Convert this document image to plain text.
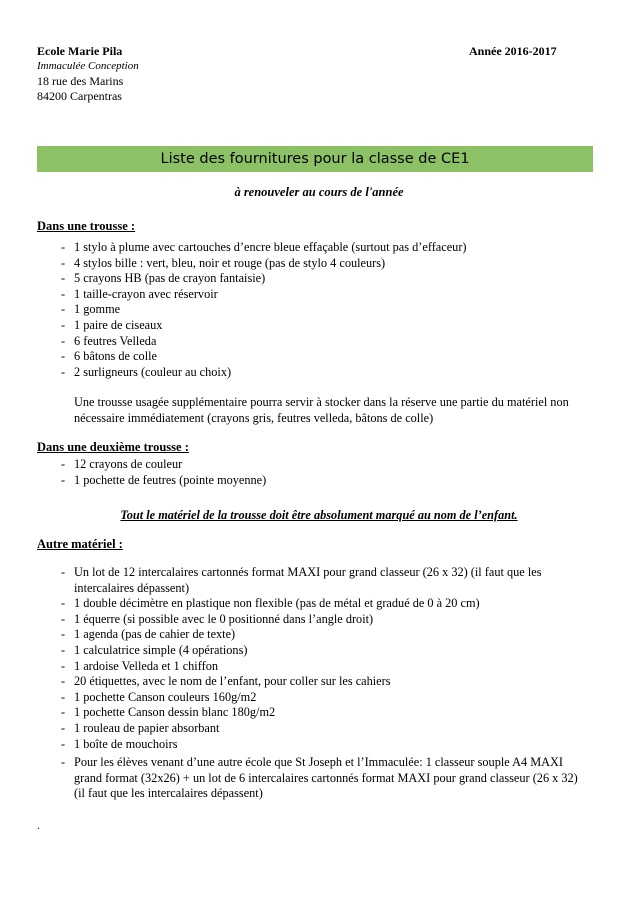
Ecole Marie Pila
Immaculée Conception
18 rue des Marins
84200 Carpentras
Année 2016-2017
Liste des fournitures pour la classe de CE1
à renouveler au cours de l'année
Dans une trousse :
- 1 stylo à plume avec cartouches d’encre bleue effaçable (surtout pas d’effaceur)
- 4 stylos bille : vert, bleu, noir et rouge (pas de stylo 4 couleurs)
- 5 crayons HB (pas de crayon fantaisie)
- 1 taille-crayon avec réservoir
- 1 gomme
- 1 paire de ciseaux
- 6 feutres Velleda
- 6 bâtons de colle
- 2 surligneurs (couleur au choix)
Une trousse usagée supplémentaire pourra servir à stocker dans la réserve une partie du matériel non nécessaire immédiatement (crayons gris, feutres velleda, bâtons de colle)
Dans une deuxième trousse :
- 12 crayons de couleur
- 1 pochette de feutres (pointe moyenne)
Tout le matériel de la trousse doit être absolument marqué au nom de l’enfant.
Autre matériel :
- Un lot de 12 intercalaires cartonnés format MAXI pour grand classeur (26 x 32) (il faut que les intercalaires dépassent)
- 1 double décimètre en plastique non flexible (pas de métal et gradué de 0 à 20 cm)
- 1 équerre (si possible avec le 0 positionné dans l’angle droit)
- 1 agenda (pas de cahier de texte)
- 1 calculatrice simple (4 opérations)
- 1 ardoise Velleda et 1 chiffon
- 20 étiquettes, avec le nom de l’enfant, pour coller sur les cahiers
- 1 pochette Canson couleurs 160g/m2
- 1 pochette Canson dessin blanc 180g/m2
- 1 rouleau de papier absorbant
- 1 boîte de mouchoirs
- Pour les élèves venant d’une autre école que St Joseph et l’Immaculée: 1 classeur souple A4 MAXI grand format (32x26) + un lot de 6 intercalaires cartonnés format MAXI pour grand classeur (26 x 32) (il faut que les intercalaires dépassent)
.
